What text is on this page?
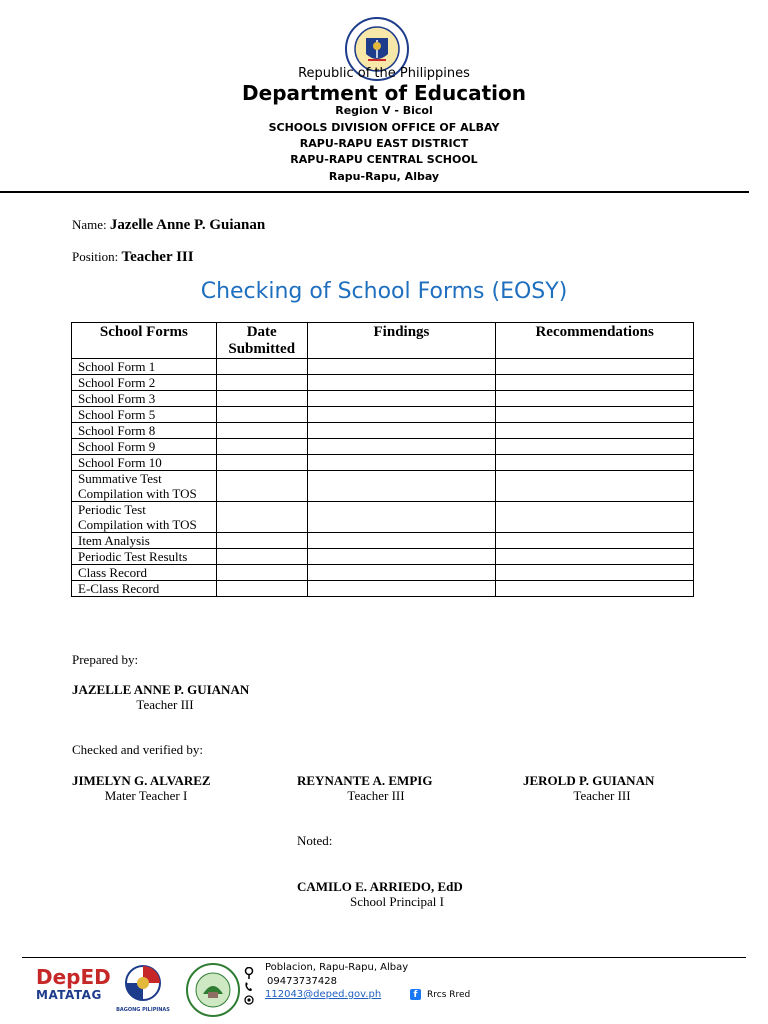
Republic of the Philippines
Department of Education
Region V - Bicol
SCHOOLS DIVISION OFFICE OF ALBAY
RAPU-RAPU EAST DISTRICT
RAPU-RAPU CENTRAL SCHOOL
Rapu-Rapu, Albay
Name: Jazelle Anne P. Guianan
Position: Teacher III
Checking of School Forms (EOSY)
School Forms	Date Submitted	Findings	Recommendations
School Form 1			
School Form 2			
School Form 3			
School Form 5			
School Form 8			
School Form 9			
School Form 10			
Summative Test Compilation with TOS			
Periodic Test Compilation with TOS			
Item Analysis			
Periodic Test Results			
Class Record			
E-Class Record			
Prepared by:
JAZELLE ANNE P. GUIANAN
Teacher III
Checked and verified by:
JIMELYN G. ALVAREZ
Mater Teacher I
REYNANTE A. EMPIG
Teacher III
JEROLD P. GUIANAN
Teacher III
Noted:
CAMILO E. ARRIEDO, EdD
School Principal I
DepED
MATATAG
BAGONG PILIPINAS
Poblacion, Rapu-Rapu, Albay
09473737428
112043@deped.gov.ph	f	Rrcs Rred
